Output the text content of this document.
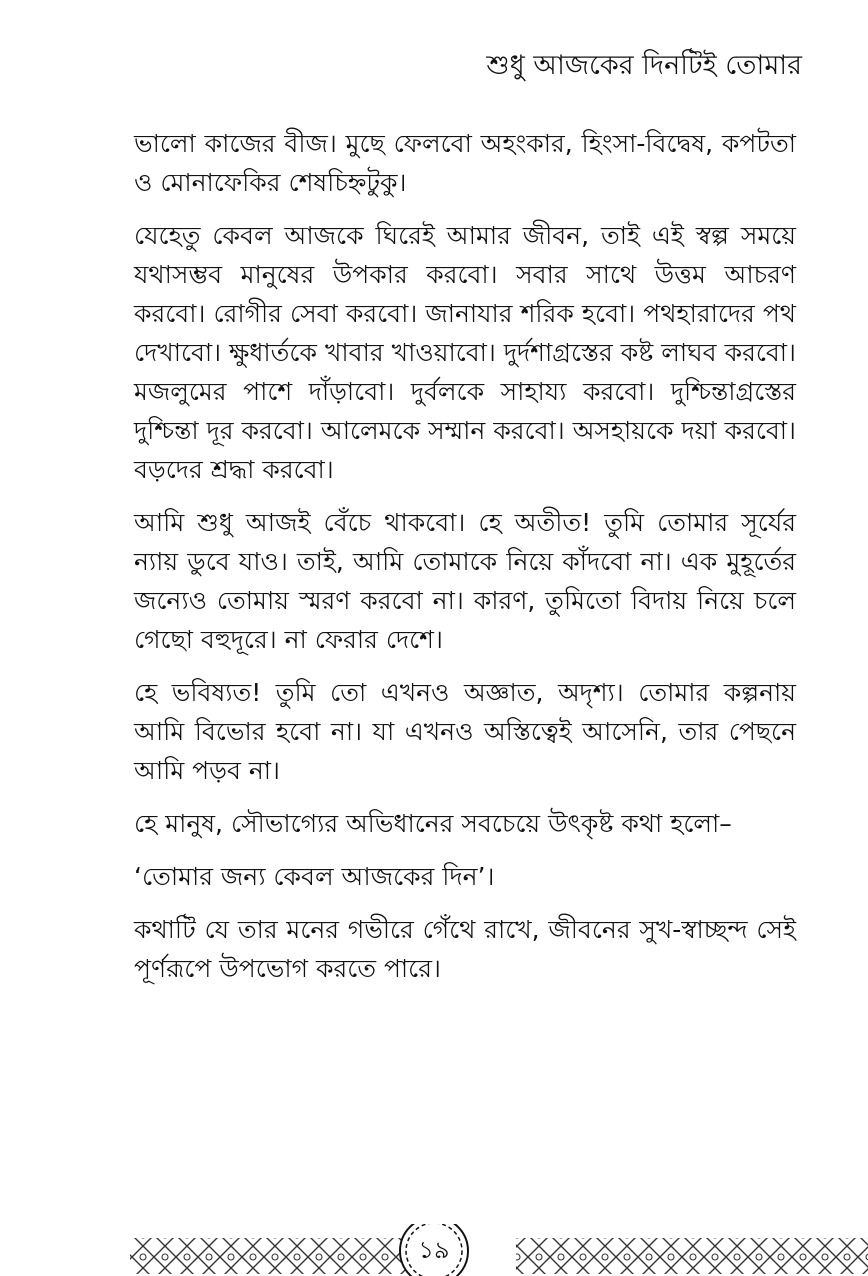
শুধু আজকের দিনটিই তোমার

ভালো কাজের বীজ। মুছে ফেলবো অহংকার, হিংসা-বিদ্বেষ, কপটতা ও মোনাফেকির শেষচিহ্নটুকু।

যেহেতু কেবল আজকে ঘিরেই আমার জীবন, তাই এই স্বল্প সময়ে যথাসম্ভব মানুষের উপকার করবো। সবার সাথে উত্তম আচরণ করবো। রোগীর সেবা করবো। জানাযার শরিক হবো। পথহারাদের পথ দেখাবো। ক্ষুধার্তকে খাবার খাওয়াবো। দুর্দশাগ্রস্তের কষ্ট লাঘব করবো। মজলুমের পাশে দাঁড়াবো। দুর্বলকে সাহায্য করবো। দুশ্চিন্তাগ্রস্তের দুশ্চিন্তা দূর করবো। আলেমকে সম্মান করবো। অসহায়কে দয়া করবো। বড়দের শ্রদ্ধা করবো।

আমি শুধু আজই বেঁচে থাকবো। হে অতীত! তুমি তোমার সূর্যের ন্যায় ডুবে যাও। তাই, আমি তোমাকে নিয়ে কাঁদবো না। এক মুহূর্তের জন্যেও তোমায় স্মরণ করবো না। কারণ, তুমিতো বিদায় নিয়ে চলে গেছো বহুদূরে। না ফেরার দেশে।

হে ভবিষ্যত! তুমি তো এখনও অজ্ঞাত, অদৃশ্য। তোমার কল্পনায় আমি বিভোর হবো না। যা এখনও অস্তিত্বেই আসেনি, তার পেছনে আমি পড়ব না।

হে মানুষ, সৌভাগ্যের অভিধানের সবচেয়ে উৎকৃষ্ট কথা হলো–

‘তোমার জন্য কেবল আজকের দিন’।

কথাটি যে তার মনের গভীরে গেঁথে রাখে, জীবনের সুখ-স্বাচ্ছন্দ সেই পূর্ণরূপে উপভোগ করতে পারে।

১৯
